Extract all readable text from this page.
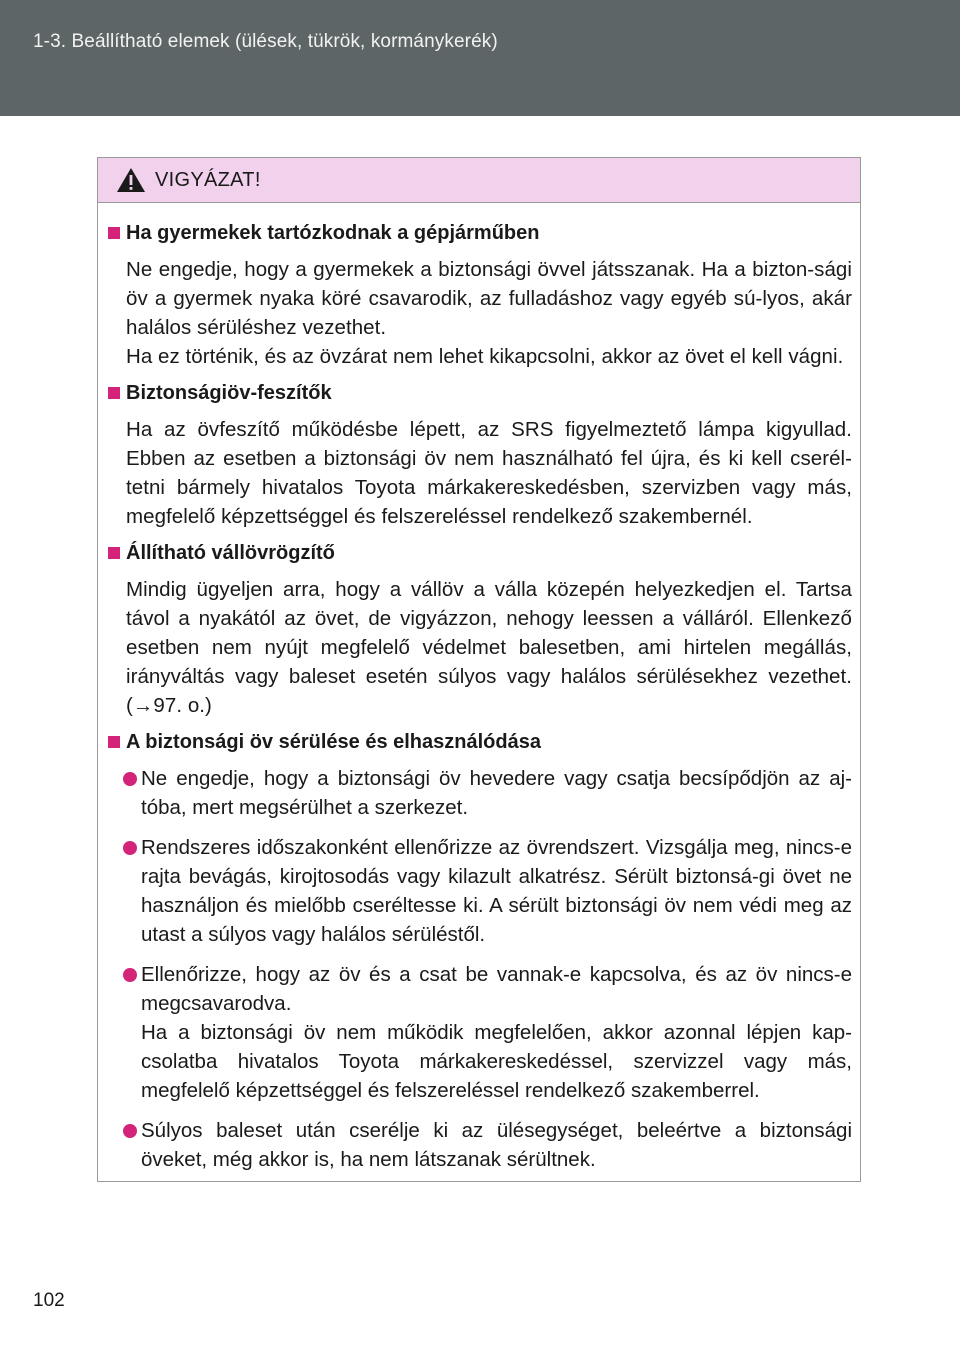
1-3. Beállítható elemek (ülések, tükrök, kormánykerék)
VIGYÁZAT!
Ha gyermekek tartózkodnak a gépjárműben

Ne engedje, hogy a gyermekek a biztonsági övvel játsszanak. Ha a bizton-sági öv a gyermek nyaka köré csavarodik, az fulladáshoz vagy egyéb sú-lyos, akár halálos sérüléshez vezethet.

Ha ez történik, és az övzárat nem lehet kikapcsolni, akkor az övet el kell vágni.

Biztonságiöv-feszítők

Ha az övfeszítő működésbe lépett, az SRS figyelmeztető lámpa kigyullad. Ebben az esetben a biztonsági öv nem használható fel újra, és ki kell cserél-tetni bármely hivatalos Toyota márkakereskedésben, szervizben vagy más, megfelelő képzettséggel és felszereléssel rendelkező szakembernél.

Állítható vállövrögzítő

Mindig ügyeljen arra, hogy a vállöv a válla közepén helyezkedjen el. Tartsa távol a nyakától az övet, de vigyázzon, nehogy leessen a válláról. Ellenkező esetben nem nyújt megfelelő védelmet balesetben, ami hirtelen megállás, irányváltás vagy baleset esetén súlyos vagy halálos sérülésekhez vezethet. (→97. o.)

A biztonsági öv sérülése és elhasználódása
Ne engedje, hogy a biztonsági öv hevedere vagy csatja becsípődjön az aj-tóba, mert megsérülhet a szerkezet.
Rendszeres időszakonként ellenőrizze az övrendszert. Vizsgálja meg, nincs-e rajta bevágás, kirojtosodás vagy kilazult alkatrész. Sérült biztonsá-gi övet ne használjon és mielőbb cseréltesse ki. A sérült biztonsági öv nem védi meg az utast a súlyos vagy halálos sérüléstől.
Ellenőrizze, hogy az öv és a csat be vannak-e kapcsolva, és az öv nincs-e megcsavarodva.
Ha a biztonsági öv nem működik megfelelően, akkor azonnal lépjen kap-csolatba hivatalos Toyota márkakereskedéssel, szervizzel vagy más, megfelelő képzettséggel és felszereléssel rendelkező szakemberrel.
Súlyos baleset után cserélje ki az ülésegységet, beleértve a biztonsági öveket, még akkor is, ha nem látszanak sérültnek.
102
